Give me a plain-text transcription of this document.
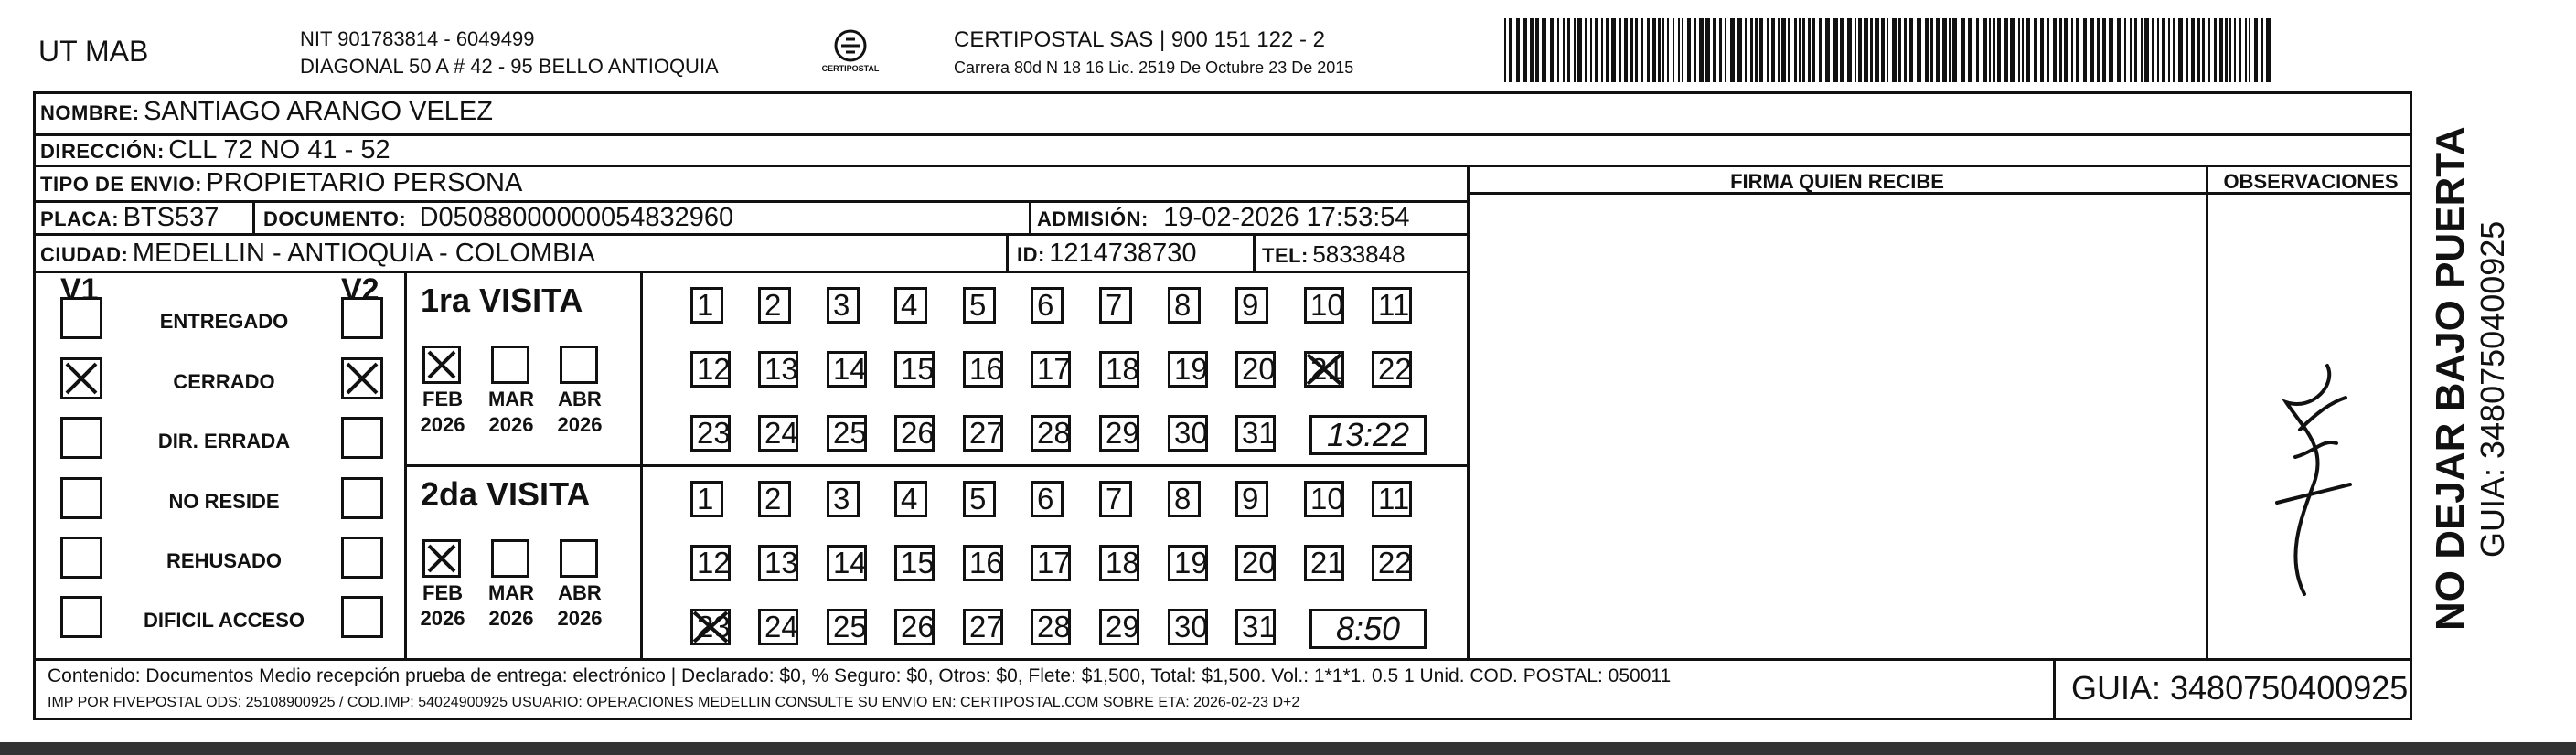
UT MAB	NIT 901783814 - 6049499
DIAGONAL 50 A # 42 - 95 BELLO ANTIOQUIA	CERTIPOSTAL
CERTIPOSTAL SAS | 900 151 122 - 2
Carrera 80d N 18 16 Lic. 2519 De Octubre 23 De 2015
NOMBRE: SANTIAGO ARANGO VELEZ
DIRECCIÓN: CLL 72 NO 41 - 52
TIPO DE ENVIO: PROPIETARIO PERSONA
PLACA: BTS537 DOCUMENTO: D05088000000054832960	ADMISIÓN: 19-02-2026 17:53:54
CIUDAD: MEDELLIN - ANTIOQUIA - COLOMBIA	ID: 1214738730	TEL: 5833848
FIRMA QUIEN RECIBE	OBSERVACIONES
V1	V2
ENTREGADO
CERRADO
DIR. ERRADA
NO RESIDE
REHUSADO
DIFICIL ACCESO
1ra VISITA
FEB
2026
MAR
2026
ABR
2026
1	2	3	4	5	6	7	8	9	10 11
12 13 14 15 16 17 18 19 20 21 22
23 24 25 26 27 28 29 30 31	13:22
2da VISITA
FEB
2026
MAR
2026
ABR
2026
1	2	3	4	5	6	7	8	9	10 11
12 13 14 15 16 17 18 19 20 21 22
23 24 25 26 27 28 29 30 31	8:50
Contenido: Documentos Medio recepción prueba de entrega: electrónico | Declarado: $0, % Seguro: $0, Otros: $0, Flete: $1,500, Total: $1,500. Vol.: 1*1*1. 0.5 1 Unid. COD. POSTAL: 050011
IMP POR FIVEPOSTAL ODS: 25108900925 / COD.IMP: 54024900925 USUARIO: OPERACIONES MEDELLIN CONSULTE SU ENVIO EN: CERTIPOSTAL.COM SOBRE ETA: 2026-02-23 D+2	GUIA: 3480750400925
NO DEJAR BAJO PUERTA GUIA: 3480750400925
